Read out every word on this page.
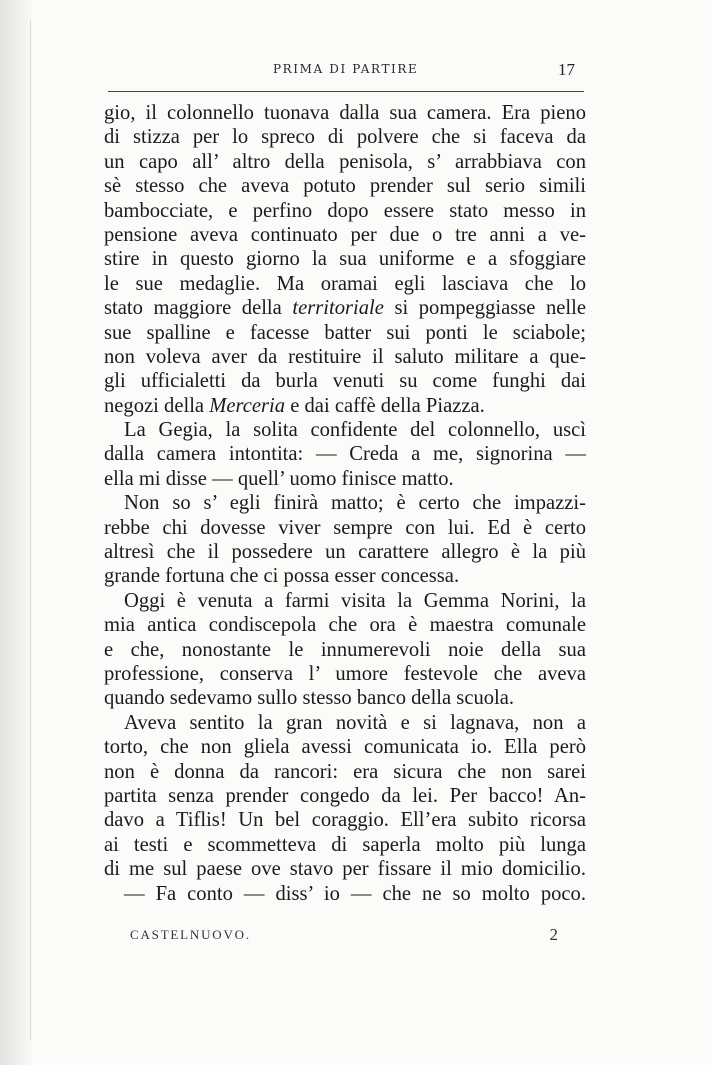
PRIMA DI PARTIRE	17
gio, il colonnello tuonava dalla sua camera. Era pieno
di stizza per lo spreco di polvere che si faceva da
un capo all’ altro della penisola, s’ arrabbiava con
sè stesso che aveva potuto prender sul serio simili
bambocciate, e perfino dopo essere stato messo in
pensione aveva continuato per due o tre anni a ve-
stire in questo giorno la sua uniforme e a sfoggiare
le sue medaglie. Ma oramai egli lasciava che lo
stato maggiore della territoriale si pompeggiasse nelle
sue spalline e facesse batter sui ponti le sciabole;
non voleva aver da restituire il saluto militare a que-
gli ufficialetti da burla venuti su come funghi dai
negozi della Merceria e dai caffè della Piazza.
La Gegia, la solita confidente del colonnello, uscì
dalla camera intontita: — Creda a me, signorina —
ella mi disse — quell’ uomo finisce matto.
Non so s’ egli finirà matto; è certo che impazzi-
rebbe chi dovesse viver sempre con lui. Ed è certo
altresì che il possedere un carattere allegro è la più
grande fortuna che ci possa esser concessa.
Oggi è venuta a farmi visita la Gemma Norini, la
mia antica condiscepola che ora è maestra comunale
e che, nonostante le innumerevoli noie della sua
professione, conserva l’ umore festevole che aveva
quando sedevamo sullo stesso banco della scuola.
Aveva sentito la gran novità e si lagnava, non a
torto, che non gliela avessi comunicata io. Ella però
non è donna da rancori: era sicura che non sarei
partita senza prender congedo da lei. Per bacco! An-
davo a Tiflis! Un bel coraggio. Ell’era subito ricorsa
ai testi e scommetteva di saperla molto più lunga
di me sul paese ove stavo per fissare il mio domicilio.
— Fa conto — diss’ io — che ne so molto poco.
CASTELNUOVO.	2
